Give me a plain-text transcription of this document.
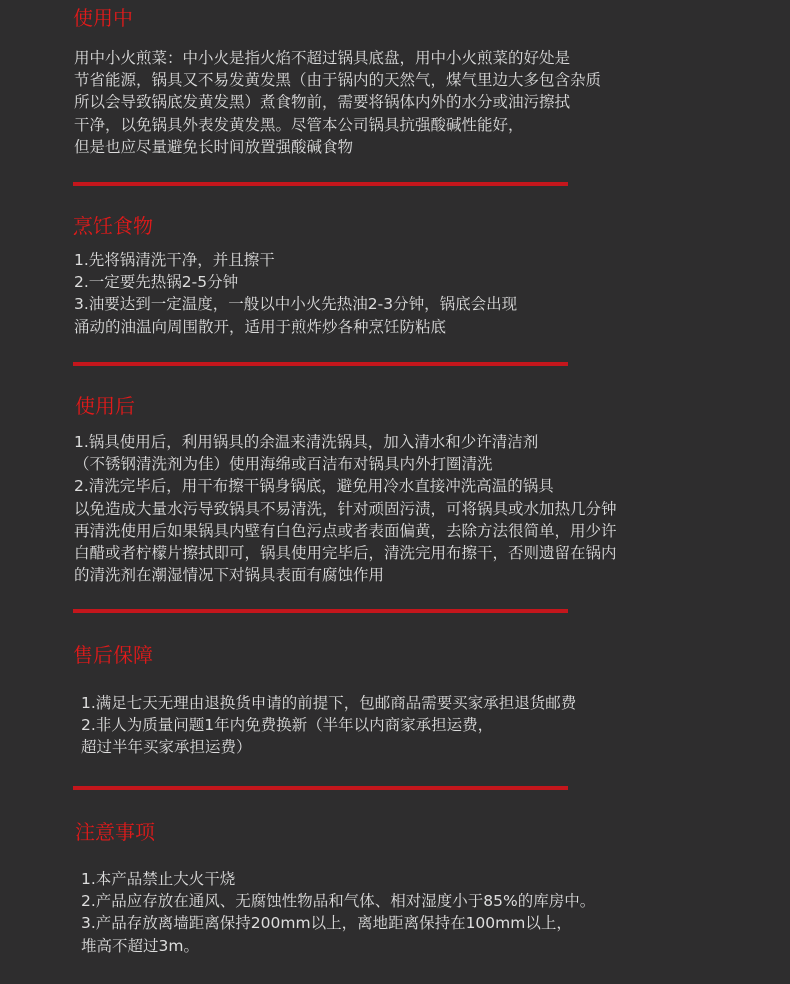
使用中
用中小火煎菜：中小火是指火焰不超过锅具底盘，用中小火煎菜的好处是
节省能源，锅具又不易发黄发黑（由于锅内的天然气，煤气里边大多包含杂质
所以会导致锅底发黄发黑）煮食物前，需要将锅体内外的水分或油污擦拭
干净，以免锅具外表发黄发黑。尽管本公司锅具抗强酸碱性能好，
但是也应尽量避免长时间放置强酸碱食物
烹饪食物
1.先将锅清洗干净，并且擦干
2.一定要先热锅2-5分钟
3.油要达到一定温度，一般以中小火先热油2-3分钟，锅底会出现
涌动的油温向周围散开，适用于煎炸炒各种烹饪防粘底
使用后
1.锅具使用后，利用锅具的余温来清洗锅具，加入清水和少许清洁剂
（不锈钢清洗剂为佳）使用海绵或百洁布对锅具内外打圈清洗
2.清洗完毕后，用干布擦干锅身锅底，避免用冷水直接冲洗高温的锅具
以免造成大量水污导致锅具不易清洗，针对顽固污渍，可将锅具或水加热几分钟
再清洗使用后如果锅具内壁有白色污点或者表面偏黄，去除方法很简单，用少许
白醋或者柠檬片擦拭即可，锅具使用完毕后，清洗完用布擦干，否则遗留在锅内
的清洗剂在潮湿情况下对锅具表面有腐蚀作用
售后保障
1.满足七天无理由退换货申请的前提下，包邮商品需要买家承担退货邮费
2.非人为质量问题1年内免费换新（半年以内商家承担运费，
超过半年买家承担运费）
注意事项
1.本产品禁止大火干烧
2.产品应存放在通风、无腐蚀性物品和气体、相对湿度小于85%的库房中。
3.产品存放离墙距离保持200mm以上，离地距离保持在100mm以上，
堆高不超过3m。
